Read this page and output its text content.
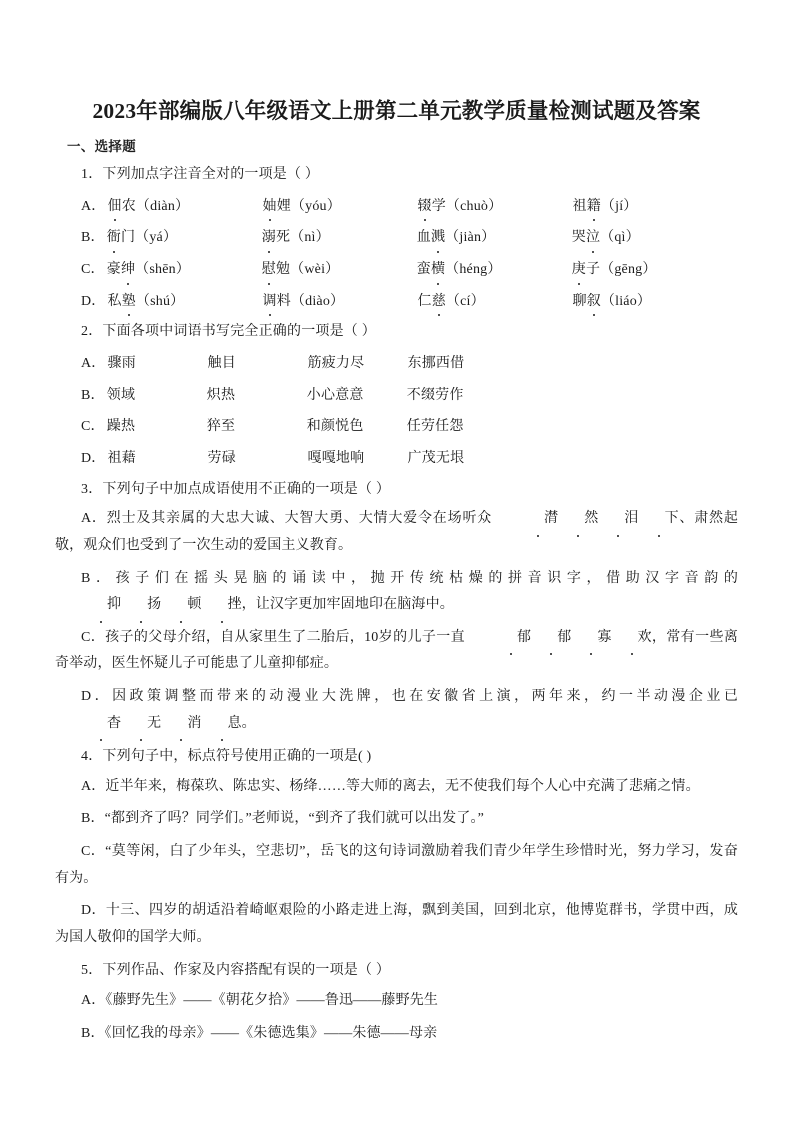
2023年部编版八年级语文上册第二单元教学质量检测试题及答案
一、选择题
1．下列加点字注音全对的一项是（ ）
A． 佃农（diàn）	妯娌（yóu）	辍学（chuò）	祖籍（jí）
B． 衙门（yá）	溺死（nì）	血溅（jiàn）	哭泣（qì）
C． 豪绅（shēn）	慰勉（wèi）	蛮横（héng）	庚子（gēng）
D． 私塾（shú）	调料（diào）	仁慈（cí）	聊叙（liáo）
2．下面各项中词语书写完全正确的一项是（ ）
A． 骤雨	触目	筋疲力尽	东挪西借
B． 领域	炽热	小心意意	不缀劳作
C． 躁热	猝至	和颜悦色	任劳任怨
D． 祖藉	劳碌	嘎嘎地响	广茂无垠
3．下列句子中加点成语使用不正确的一项是（ ）
A．烈士及其亲属的大忠大诚、大智大勇、大情大爱令在场听众	潸 然 泪 下、肃然起敬，观众们也受到了一次生动的爱国主义教育。
B．孩子们在摇头晃脑的诵读中，抛开传统枯燥的拼音识字，借助汉字音韵的抑 扬 顿 挫，让汉字更加牢固地印在脑海中。
C．孩子的父母介绍，自从家里生了二胎后，10岁的儿子一直	郁 郁 寡 欢，常有一些离奇举动，医生怀疑儿子可能患了儿童抑郁症。
D．因政策调整而带来的动漫业大洗牌，也在安徽省上演，两年来，约一半动漫企业已杳 无 消 息。
4．下列句子中，标点符号使用正确的一项是( )
A．近半年来，梅葆玖、陈忠实、杨绛……等大师的离去，无不使我们每个人心中充满了悲痛之情。
B．“都到齐了吗？同学们。”老师说，“到齐了我们就可以出发了。”
C．“莫等闲，白了少年头，空悲切”，岳飞的这句诗词激励着我们青少年学生珍惜时光，努力学习，发奋有为。
D．十三、四岁的胡适沿着崎岖艰险的小路走进上海，飘到美国，回到北京，他博览群书，学贯中西，成为国人敬仰的国学大师。
5．下列作品、作家及内容搭配有误的一项是（ ）
A．《藤野先生》——《朝花夕拾》——鲁迅——藤野先生
B．《回忆我的母亲》——《朱德选集》——朱德——母亲
